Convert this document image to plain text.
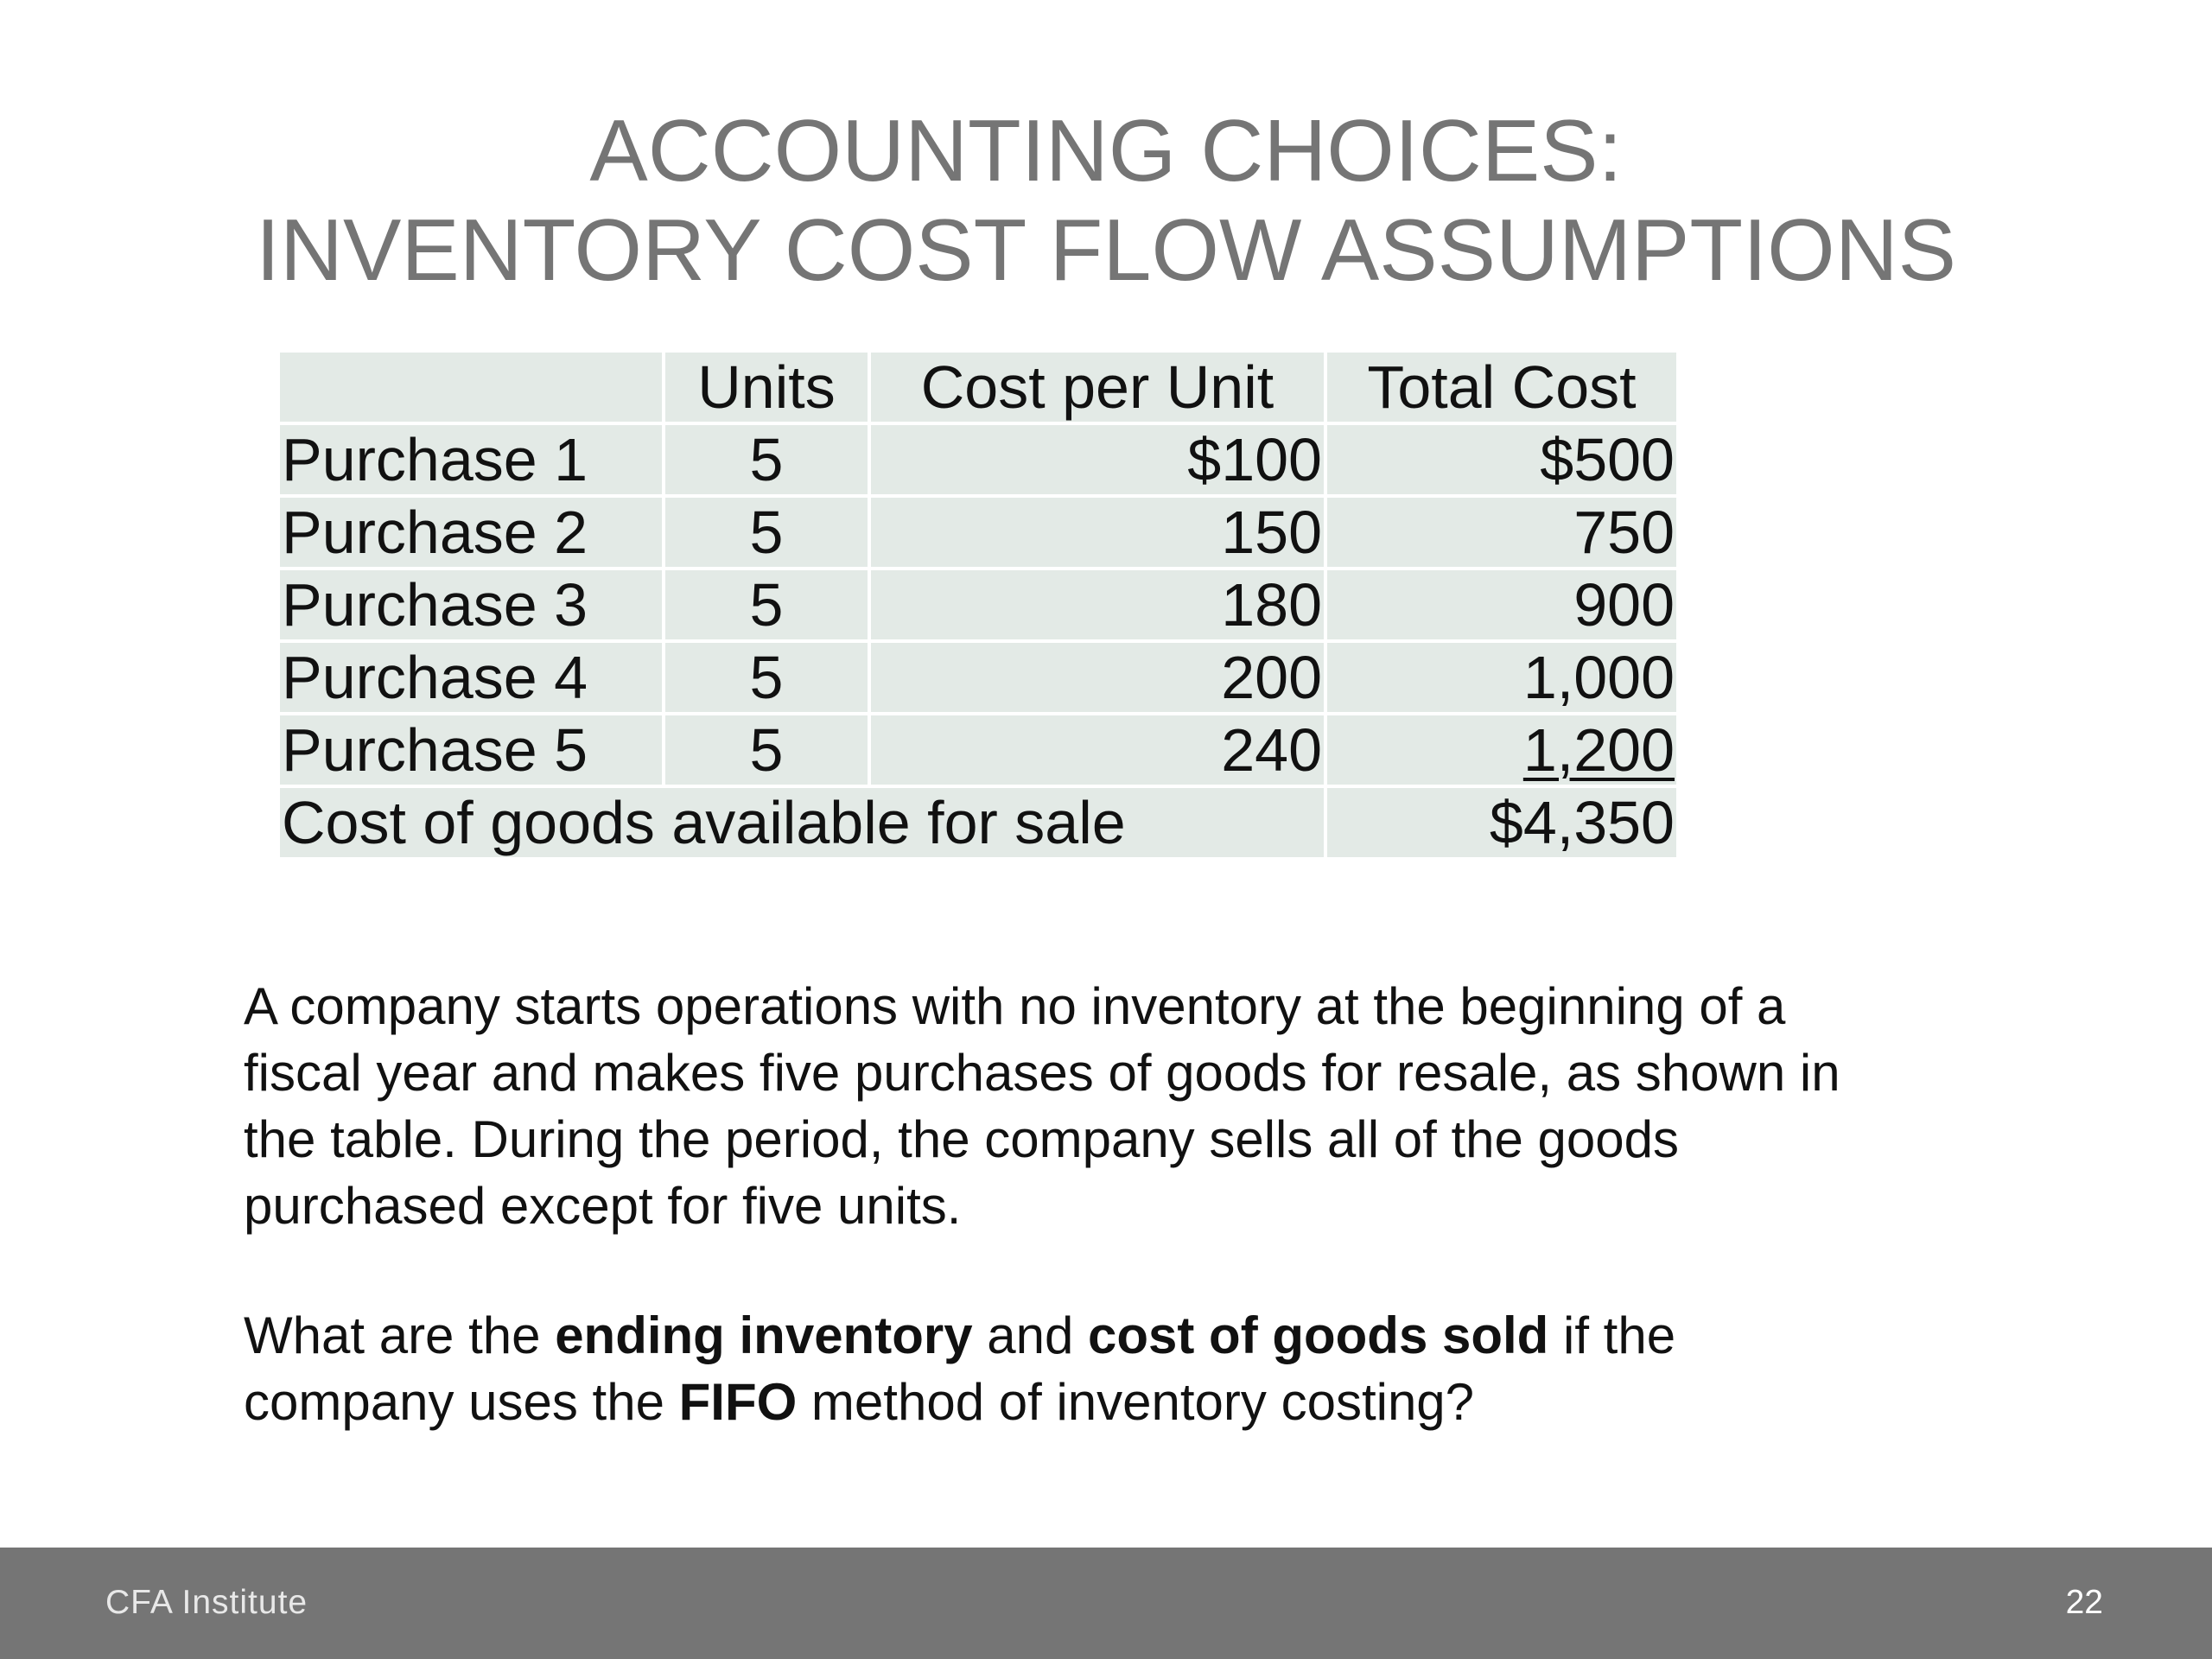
ACCOUNTING CHOICES:
INVENTORY COST FLOW ASSUMPTIONS
	Units	Cost per Unit	Total Cost
Purchase 1	5	$100	$500
Purchase 2	5	150	750
Purchase 3	5	180	900
Purchase 4	5	200	1,000
Purchase 5	5	240	1,200
Cost of goods available for sale			$4,350

A company starts operations with no inventory at the beginning of a fiscal year and makes five purchases of goods for resale, as shown in the table. During the period, the company sells all of the goods purchased except for five units.

What are the ending inventory and cost of goods sold if the company uses the FIFO method of inventory costing?

CFA Institute	22
